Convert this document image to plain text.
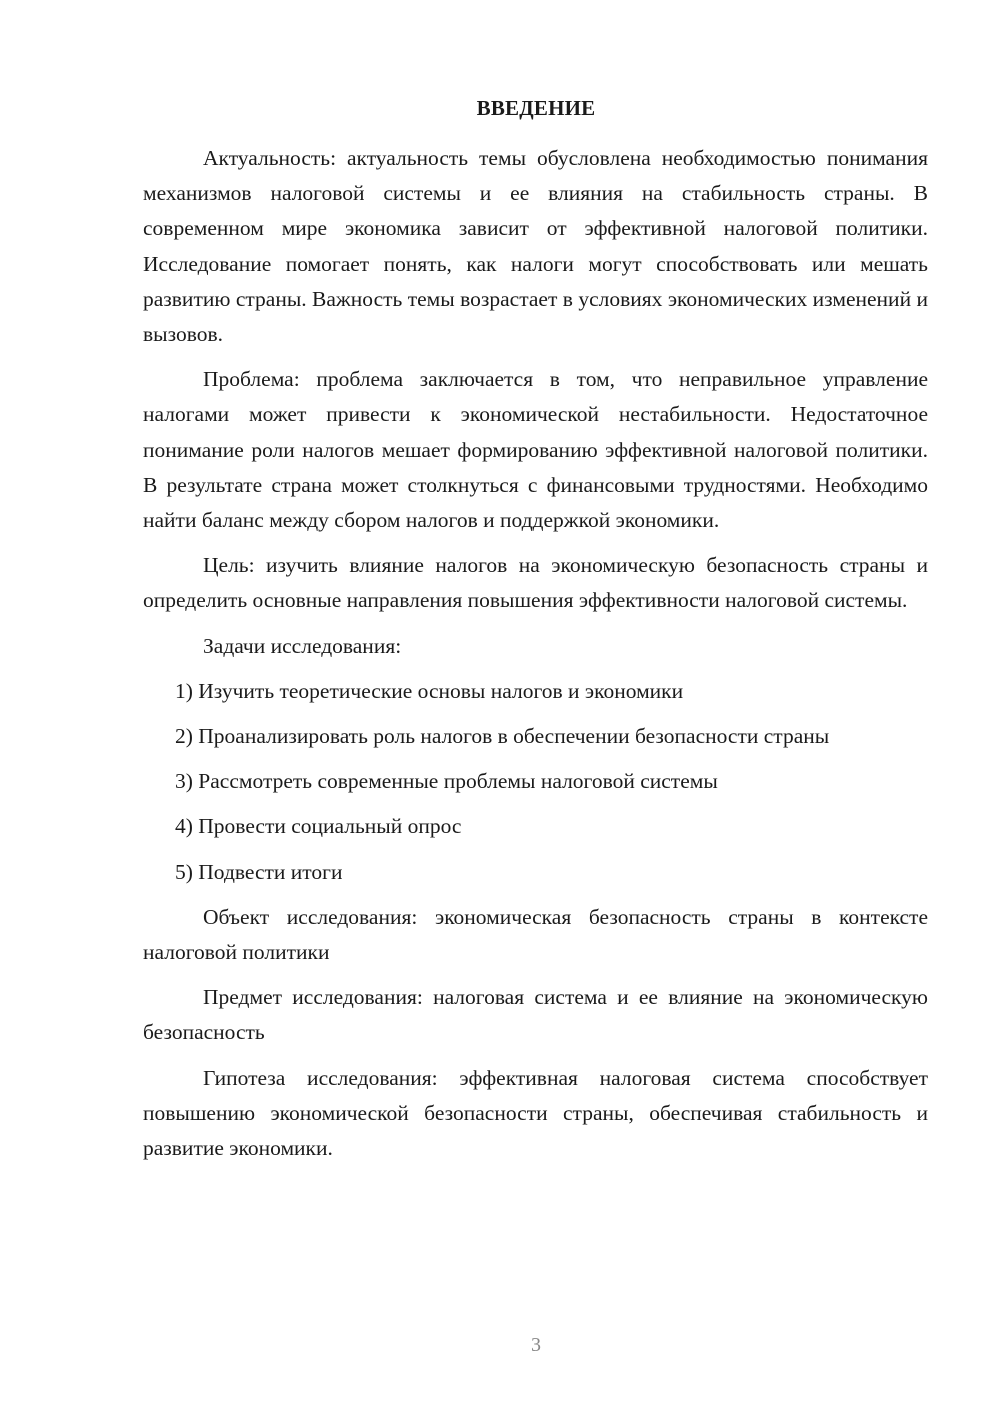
ВВЕДЕНИЕ

Актуальность: актуальность темы обусловлена необходимостью понимания механизмов налоговой системы и ее влияния на стабильность страны. В современном мире экономика зависит от эффективной налоговой политики. Исследование помогает понять, как налоги могут способствовать или мешать развитию страны. Важность темы возрастает в условиях экономических изменений и вызовов.

Проблема: проблема заключается в том, что неправильное управление налогами может привести к экономической нестабильности. Недостаточное понимание роли налогов мешает формированию эффективной налоговой политики. В результате страна может столкнуться с финансовыми трудностями. Необходимо найти баланс между сбором налогов и поддержкой экономики.

Цель: изучить влияние налогов на экономическую безопасность страны и определить основные направления повышения эффективности налоговой системы.

Задачи исследования:

1) Изучить теоретические основы налогов и экономики

2) Проанализировать роль налогов в обеспечении безопасности страны

3) Рассмотреть современные проблемы налоговой системы

4) Провести социальный опрос

5) Подвести итоги

Объект исследования: экономическая безопасность страны в контексте налоговой политики

Предмет исследования: налоговая система и ее влияние на экономическую безопасность

Гипотеза исследования: эффективная налоговая система способствует повышению экономической безопасности страны, обеспечивая стабильность и развитие экономики.

3
